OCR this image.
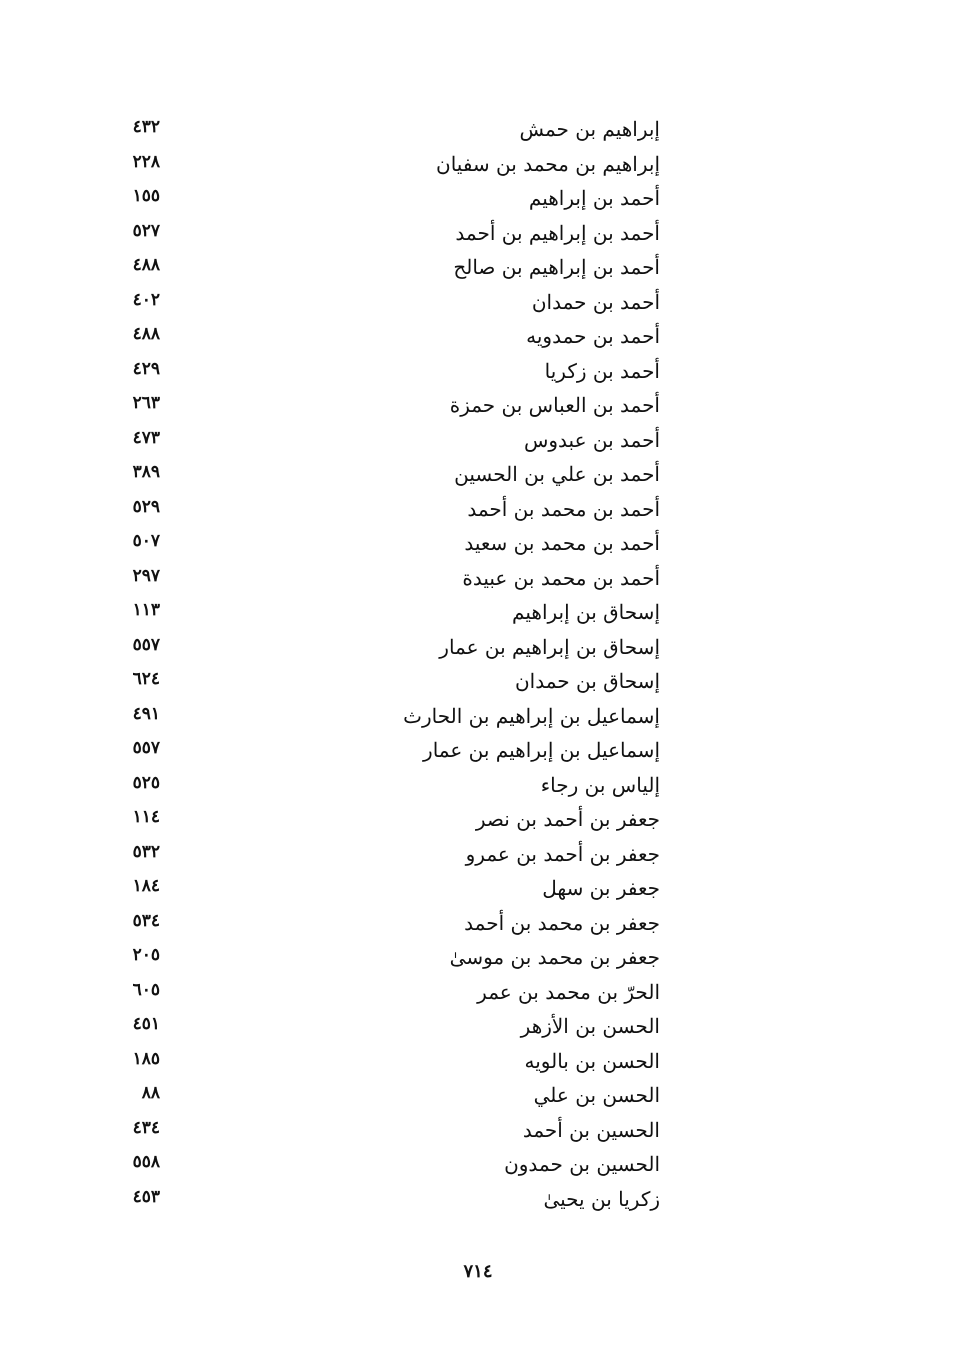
إبراهيم بن حمش
٤٣٢
إبراهيم بن محمد بن سفيان
٢٢٨
أحمد بن إبراهيم
١٥٥
أحمد بن إبراهيم بن أحمد
٥٢٧
أحمد بن إبراهيم بن صالح
٤٨٨
أحمد بن حمدان
٤٠٢
أحمد بن حمدويه
٤٨٨
أحمد بن زكريا
٤٢٩
أحمد بن العباس بن حمزة
٢٦٣
أحمد بن عبدوس
٤٧٣
أحمد بن علي بن الحسين
٣٨٩
أحمد بن محمد بن أحمد
٥٢٩
أحمد بن محمد بن سعيد
٥٠٧
أحمد بن محمد بن عبيدة
٢٩٧
إسحاق بن إبراهيم
١١٣
إسحاق بن إبراهيم بن عمار
٥٥٧
إسحاق بن حمدان
٦٢٤
إسماعيل بن إبراهيم بن الحارث
٤٩١
إسماعيل بن إبراهيم بن عمار
٥٥٧
إلياس بن رجاء
٥٢٥
جعفر بن أحمد بن نصر
١١٤
جعفر بن أحمد بن عمرو
٥٣٢
جعفر بن سهل
١٨٤
جعفر بن محمد بن أحمد
٥٣٤
جعفر بن محمد بن موسىٰ
٢٠٥
الحرّ بن محمد بن عمر
٦٠٥
الحسن بن الأزهر
٤٥١
الحسن بن بالويه
١٨٥
الحسن بن علي
٨٨
الحسين بن أحمد
٤٣٤
الحسين بن حمدون
٥٥٨
زكريا بن يحيىٰ
٤٥٣
٧١٤
